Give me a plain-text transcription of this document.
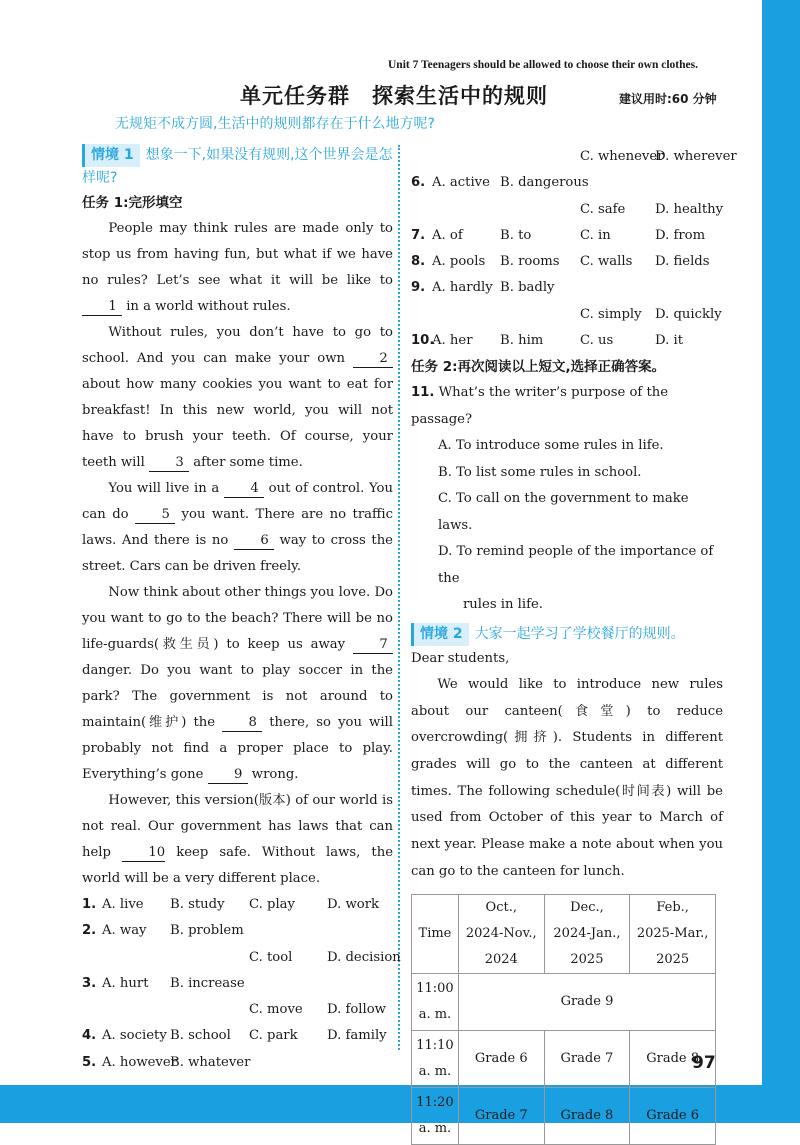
Unit 7 Teenagers should be allowed to choose their own clothes.
单元任务群 探索生活中的规则	建议用时:60 分钟
无规矩不成方圆,生活中的规则都存在于什么地方呢?
情境 1 想象一下,如果没有规则,这个世界会是怎样呢?
任务 1:完形填空

People may think rules are made only to stop us from having fun, but what if we have no rules? Let’s see what it will be like to 1 in a world without rules.

Without rules, you don’t have to go to school. And you can make your own 2 about how many cookies you want to eat for breakfast! In this new world, you will not have to brush your teeth. Of course, your teeth will 3 after some time.

You will live in a 4 out of control. You can do 5 you want. There are no traffic laws. And there is no 6 way to cross the street. Cars can be driven freely.

Now think about other things you love. Do you want to go to the beach? There will be no life-guards(救生员) to keep us away 7 danger. Do you want to play soccer in the park? The government is not around to maintain(维护) the 8 there, so you will probably not find a proper place to play. Everything’s gone 9 wrong.

However, this version(版本) of our world is not real. Our government has laws that can help 10 keep safe. Without laws, the world will be a very different place.

1. A. live B. study C. play D. work
2. A. way B. problem
C. tool	D. decision
3. A. hurt B. increase
C. move D. follow
4. A. society B. school C. park D. family
5. A. however
B. whatever
C. whenever
D. wherever
6. A. active B. dangerous
C. safe D. healthy
7. A. of	B. to	C. in	D. from
8. A. pools B. rooms C. walls D. fields
9. A. hardly B. badly
C. simply D. quickly
10.
A. her B. him	C. us	D. it
任务 2:再次阅读以上短文,选择正确答案。
11. What’s the writer’s purpose of the passage?
A. To introduce some rules in life.
B. To list some rules in school.
C. To call on the government to make laws.
D. To remind people of the importance of the
rules in life.
情境 2 大家一起学习了学校餐厅的规则。
Dear students,

We would like to introduce new rules about our canteen(食堂) to reduce overcrowding(拥挤). Students in different grades will go to the canteen at different times. The following schedule(时间表) will be used from October of this year to March of next year. Please make a note about when you can go to the canteen for lunch.

Time	Oct.,
2024-Nov.,
2024	Dec.,
2024-Jan.,
2025	Feb.,
2025-Mar.,
2025
11:00
a. m.	Grade 9		
11:10
a. m.	Grade 6	Grade 7	Grade 8
11:20
a. m.	Grade 7	Grade 8	Grade 6
97
